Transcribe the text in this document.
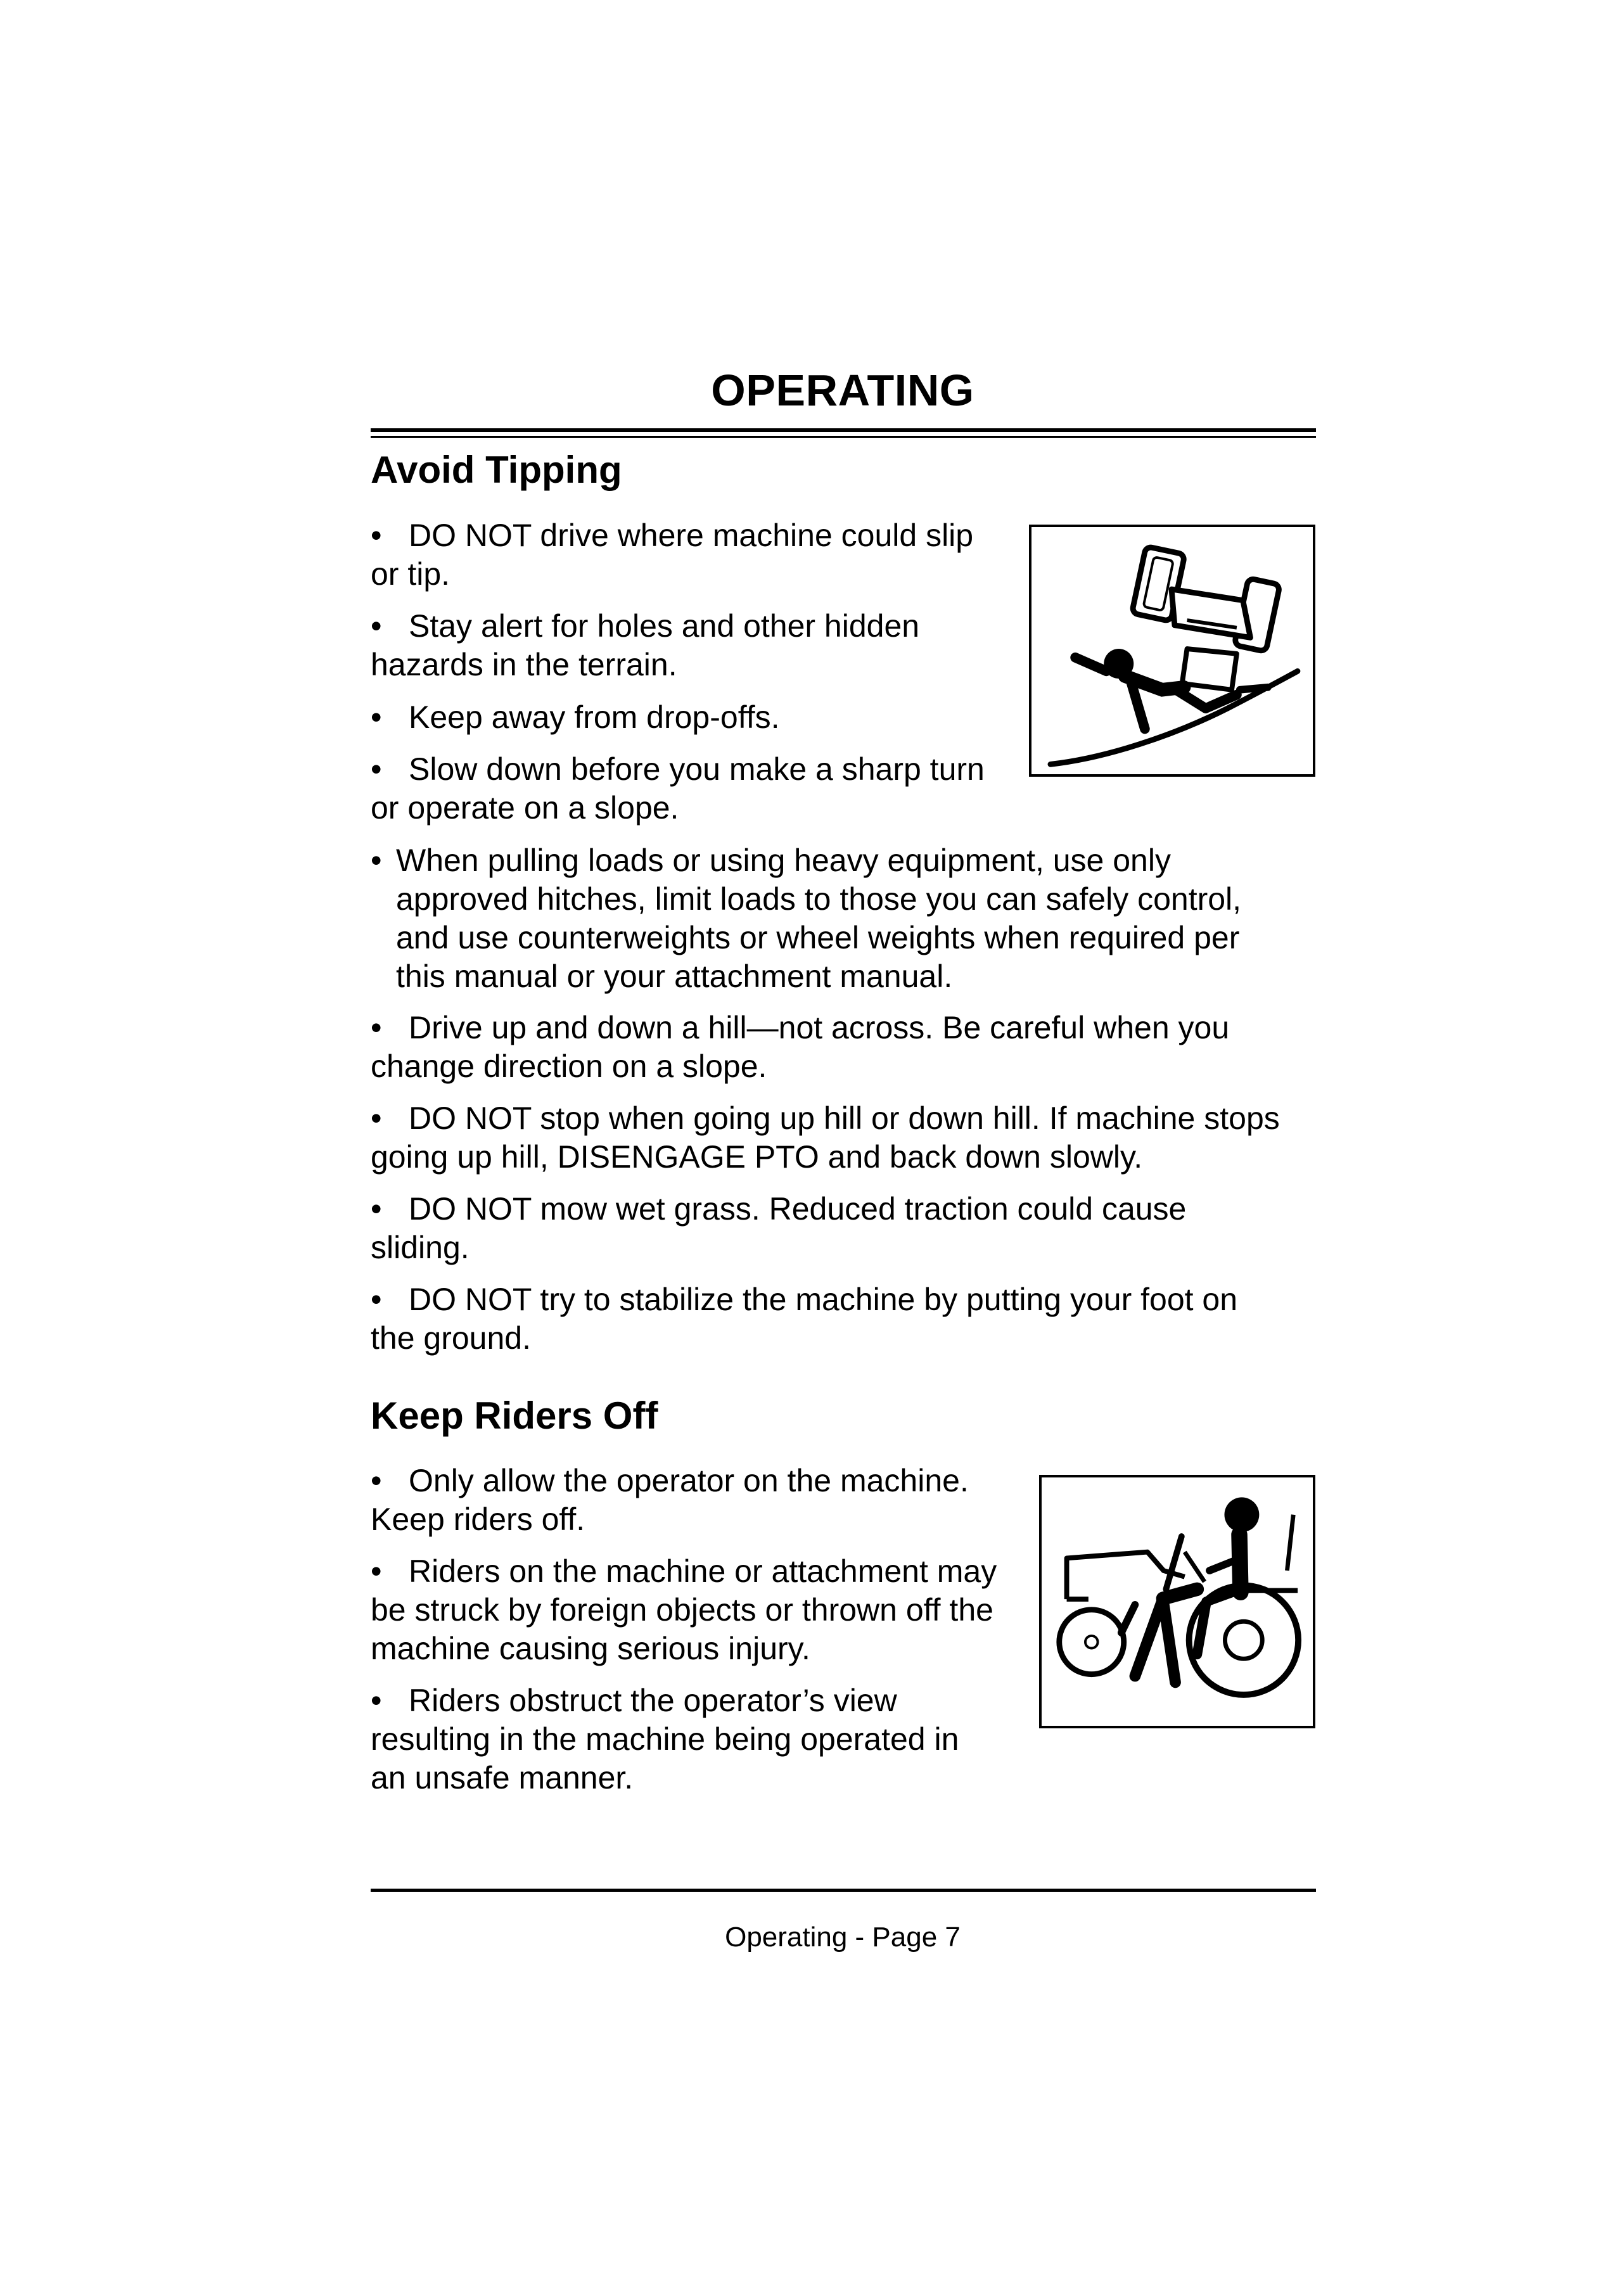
OPERATING
Avoid Tipping
• DO NOT drive where machine could slip
or tip.
• Stay alert for holes and other hidden
hazards in the terrain.
• Keep away from drop-offs.
• Slow down before you make a sharp turn
or operate on a slope.
• When pulling loads or using heavy equipment, use only
approved hitches, limit loads to those you can safely control,
and use counterweights or wheel weights when required per
this manual or your attachment manual.
• Drive up and down a hill—not across. Be careful when you
change direction on a slope.
• DO NOT stop when going up hill or down hill. If machine stops
going up hill, DISENGAGE PTO and back down slowly.
• DO NOT mow wet grass. Reduced traction could cause
sliding.
• DO NOT try to stabilize the machine by putting your foot on
the ground.
Keep Riders Off
• Only allow the operator on the machine.
Keep riders off.
• Riders on the machine or attachment may
be struck by foreign objects or thrown off the
machine causing serious injury.
• Riders obstruct the operator’s view
resulting in the machine being operated in
an unsafe manner.
Operating - Page 7
